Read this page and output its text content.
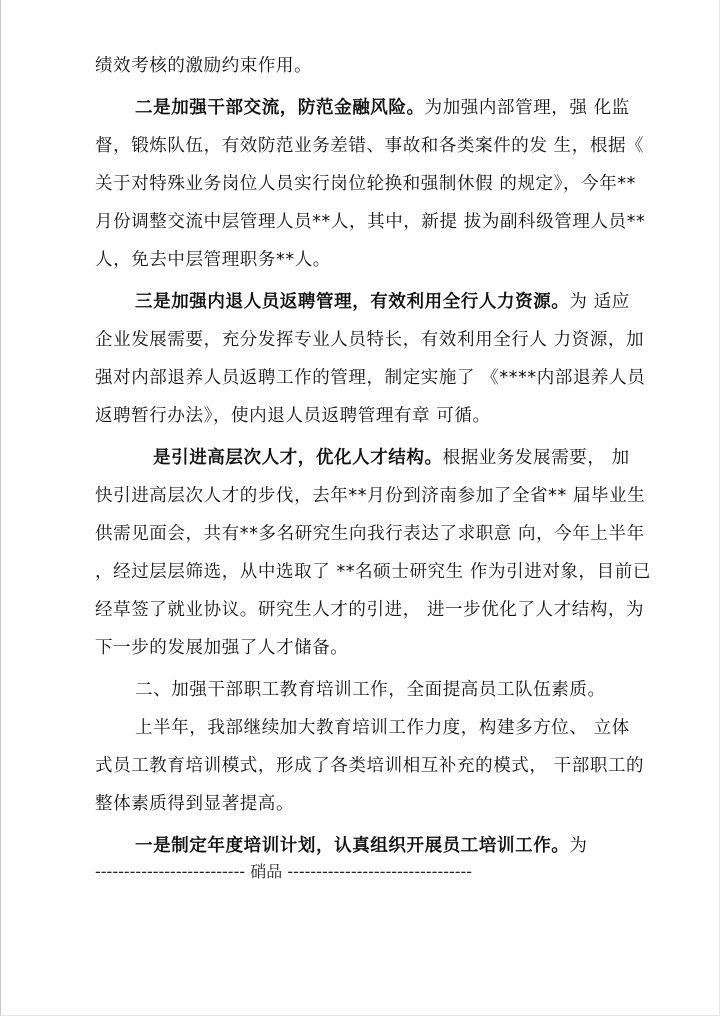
绩效考核的激励约束作用。
二是加强干部交流，防范金融风险。为加强内部管理，强 化监
督，锻炼队伍，有效防范业务差错、事故和各类案件的发 生，根据《
关于对特殊业务岗位人员实行岗位轮换和强制休假 的规定》，今年**
月份调整交流中层管理人员**人，其中，新提 拔为副科级管理人员**
人，免去中层管理职务**人。
三是加强内退人员返聘管理，有效利用全行人力资源。为 适应
企业发展需要，充分发挥专业人员特长，有效利用全行人 力资源，加
强对内部退养人员返聘工作的管理，制定实施了 《****内部退养人员
返聘暂行办法》，使内退人员返聘管理有章 可循。
是引进高层次人才，优化人才结构。根据业务发展需要， 加
快引进高层次人才的步伐，去年**月份到济南参加了全省** 届毕业生
供需见面会，共有**多名研究生向我行表达了求职意 向，今年上半年
，经过层层筛选，从中选取了 **名硕士研究生 作为引进对象，目前已
经草签了就业协议。研究生人才的引进， 进一步优化了人才结构，为
下一步的发展加强了人才储备。
二、加强干部职工教育培训工作，全面提高员工队伍素质。
上半年，我部继续加大教育培训工作力度，构建多方位、 立体
式员工教育培训模式，形成了各类培训相互补充的模式， 干部职工的
整体素质得到显著提高。
一是制定年度培训计划，认真组织开展员工培训工作。为
-------------------------- 硝品 --------------------------------
